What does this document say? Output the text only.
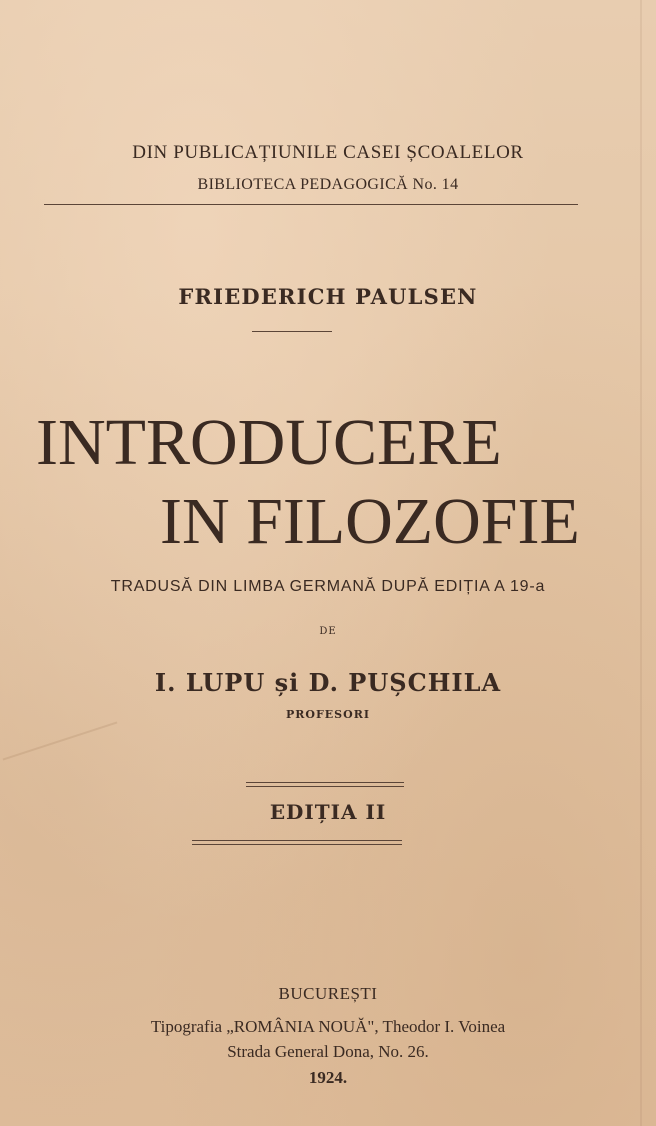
DIN PUBLICAȚIUNILE CASEI ȘCOALELOR
BIBLIOTECA PEDAGOGICĂ No. 14
FRIEDERICH PAULSEN
INTRODUCERE
IN FILOZOFIE
TRADUSĂ DIN LIMBA GERMANĂ DUPĂ EDIȚIA A 19-a
DE
I. LUPU și D. PUȘCHILA
PROFESORI
EDIȚIA II
BUCUREȘTI
Tipografia „ROMÂNIA NOUĂ", Theodor I. Voinea
Strada General Dona, No. 26.
1924.
